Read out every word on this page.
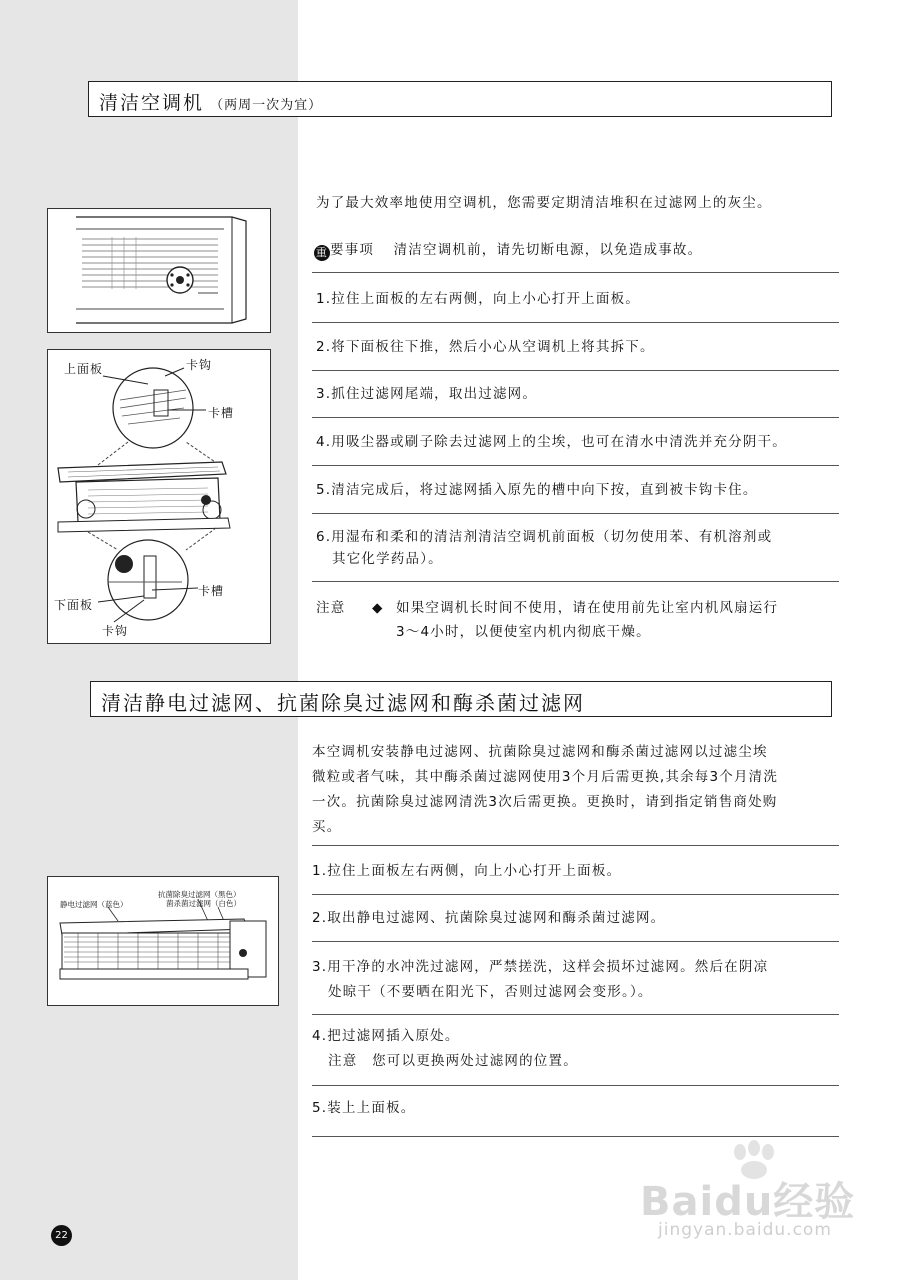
清洁空调机 （两周一次为宜）
为了最大效率地使用空调机，您需要定期清洁堆积在过滤网上的灰尘。
重 要事项 清洁空调机前，请先切断电源，以免造成事故。
1.拉住上面板的左右两侧，向上小心打开上面板。
2.将下面板往下推，然后小心从空调机上将其拆下。
3.抓住过滤网尾端，取出过滤网。
4.用吸尘器或刷子除去过滤网上的尘埃，也可在清水中清洗并充分阴干。
5.清洁完成后，将过滤网插入原先的槽中向下按，直到被卡钩卡住。
6.用湿布和柔和的清洁剂清洁空调机前面板（切勿使用苯、有机溶剂或
其它化学药品）。
注意 ◆ 如果空调机长时间不使用，请在使用前先让室内机风扇运行
3～4小时，以便使室内机内彻底干燥。
上面板	卡钩
卡槽
卡槽
下面板
卡钩
清洁静电过滤网、抗菌除臭过滤网和酶杀菌过滤网
本空调机安装静电过滤网、抗菌除臭过滤网和酶杀菌过滤网以过滤尘埃
微粒或者气味，其中酶杀菌过滤网使用3个月后需更换,其余每3个月清洗
一次。抗菌除臭过滤网清洗3次后需更换。更换时，请到指定销售商处购
买。
1.拉住上面板左右两侧，向上小心打开上面板。
2.取出静电过滤网、抗菌除臭过滤网和酶杀菌过滤网。
3.用干净的水冲洗过滤网，严禁搓洗，这样会损坏过滤网。然后在阴凉
处晾干（不要晒在阳光下，否则过滤网会变形。）。
4.把过滤网插入原处。
注意　您可以更换两处过滤网的位置。
5.装上上面板。
静电过滤网（蓝色）
抗菌除臭过滤网（黑色）
菌杀菌过滤网（白色）
22
Baidu经验
jingyan.baidu.com
